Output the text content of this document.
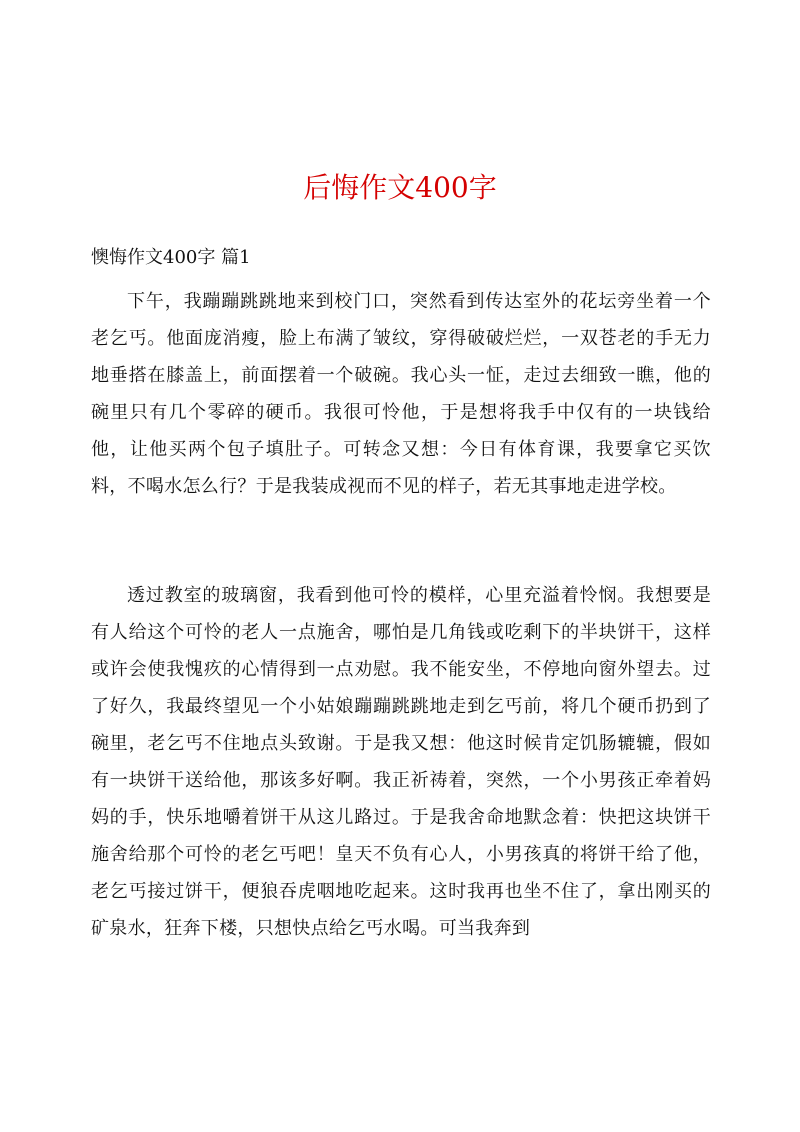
后悔作文400字
懊悔作文400字 篇1

下午，我蹦蹦跳跳地来到校门口，突然看到传达室外的花坛旁坐着一个老乞丐。他面庞消瘦，脸上布满了皱纹，穿得破破烂烂，一双苍老的手无力地垂搭在膝盖上，前面摆着一个破碗。我心头一怔，走过去细致一瞧，他的碗里只有几个零碎的硬币。我很可怜他，于是想将我手中仅有的一块钱给他，让他买两个包子填肚子。可转念又想：今日有体育课，我要拿它买饮料，不喝水怎么行？于是我装成视而不见的样子，若无其事地走进学校。

透过教室的玻璃窗，我看到他可怜的模样，心里充溢着怜悯。我想要是有人给这个可怜的老人一点施舍，哪怕是几角钱或吃剩下的半块饼干，这样或许会使我愧疚的心情得到一点劝慰。我不能安坐，不停地向窗外望去。过了好久，我最终望见一个小姑娘蹦蹦跳跳地走到乞丐前，将几个硬币扔到了碗里，老乞丐不住地点头致谢。于是我又想：他这时候肯定饥肠辘辘，假如有一块饼干送给他，那该多好啊。我正祈祷着，突然，一个小男孩正牵着妈妈的手，快乐地嚼着饼干从这儿路过。于是我舍命地默念着：快把这块饼干施舍给那个可怜的老乞丐吧！皇天不负有心人，小男孩真的将饼干给了他，老乞丐接过饼干，便狼吞虎咽地吃起来。这时我再也坐不住了，拿出刚买的矿泉水，狂奔下楼，只想快点给乞丐水喝。可当我奔到
